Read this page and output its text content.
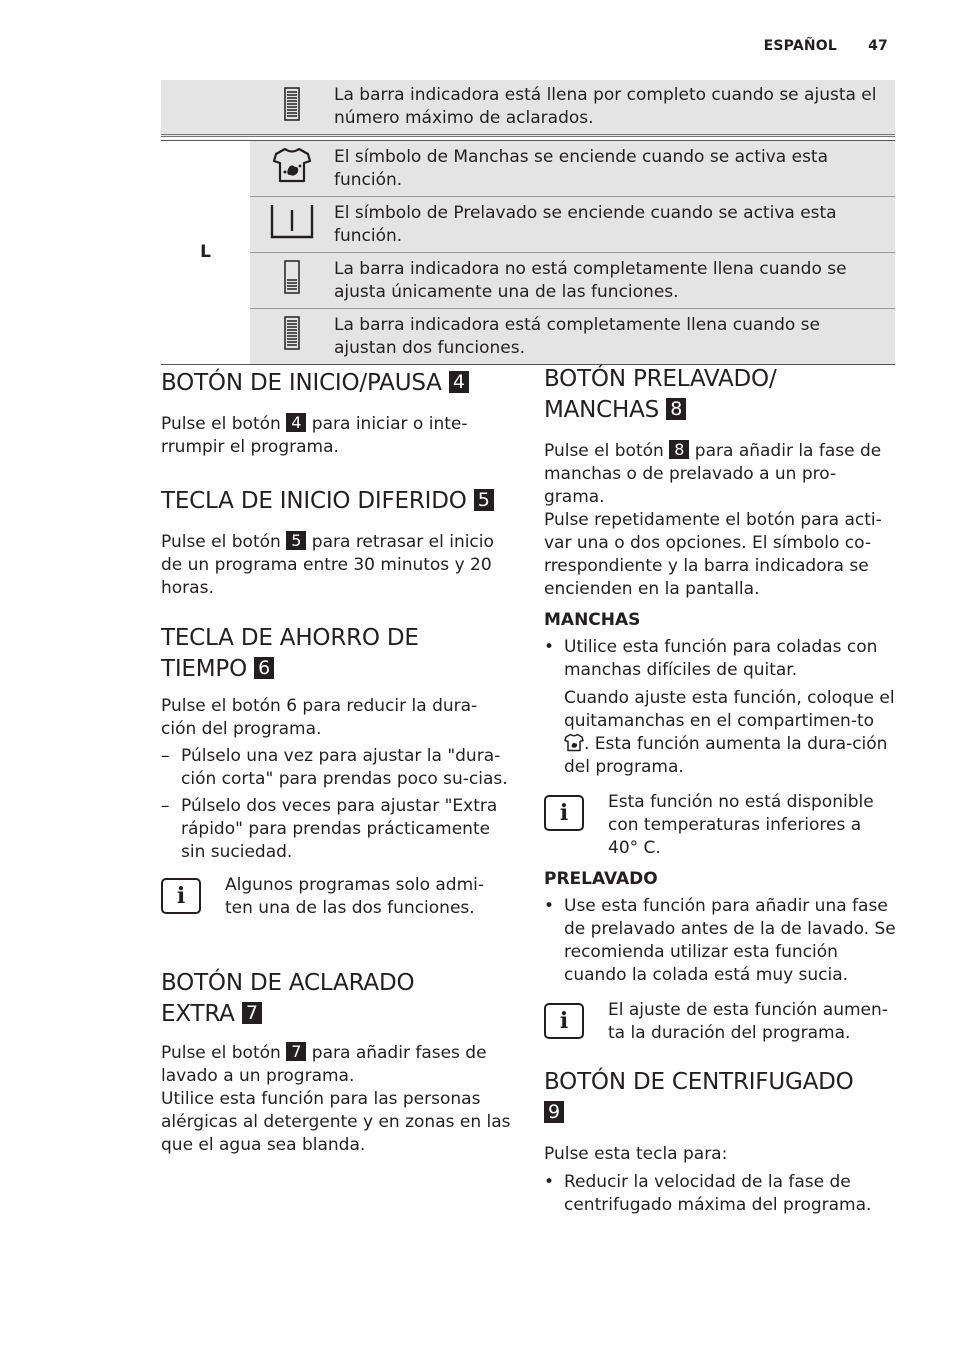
ESPAÑOL 47
		La barra indicadora está llena por completo cuando se ajusta el número máximo de aclarados.
L		El símbolo de Manchas se enciende cuando se activa esta función.
	El símbolo de Prelavado se enciende cuando se activa esta función.
	La barra indicadora no está completamente llena cuando se ajusta únicamente una de las funciones.
	La barra indicadora está completamente llena cuando se ajustan dos funciones.
BOTÓN DE INICIO/PAUSA 4

Pulse el botón 4 para iniciar o inte-rrumpir el programa.

TECLA DE INICIO DIFERIDO 5

Pulse el botón 5 para retrasar el inicio de un programa entre 30 minutos y 20 horas.

TECLA DE AHORRO DE
TIEMPO 6

Pulse el botón 6 para reducir la dura-ción del programa.

– Púlselo una vez para ajustar la "dura-ción corta" para prendas poco su-cias.
– Púlselo dos veces para ajustar "Extra rápido" para prendas prácticamente sin suciedad.
i	Algunos programas solo admi-ten una de las dos funciones.
BOTÓN DE ACLARADO
EXTRA 7

Pulse el botón 7 para añadir fases de lavado a un programa.

Utilice esta función para las personas alérgicas al detergente y en zonas en las que el agua sea blanda.

BOTÓN PRELAVADO/
MANCHAS 8

Pulse el botón 8 para añadir la fase de manchas o de prelavado a un pro-grama.

Pulse repetidamente el botón para acti-var una o dos opciones. El símbolo co-rrespondiente y la barra indicadora se encienden en la pantalla.

MANCHAS
• Utilice esta función para coladas con manchas difíciles de quitar.

Cuando ajuste esta función, coloque el quitamanchas en el compartimen-to . Esta función aumenta la dura-ción del programa.

i	Esta función no está disponible con temperaturas inferiores a 40° C.
PRELAVADO
• Use esta función para añadir una fase de prelavado antes de la de lavado. Se recomienda utilizar esta función cuando la colada está muy sucia.
i	El ajuste de esta función aumen-ta la duración del programa.
BOTÓN DE CENTRIFUGADO
9

Pulse esta tecla para:

• Reducir la velocidad de la fase de centrifugado máxima del programa.
